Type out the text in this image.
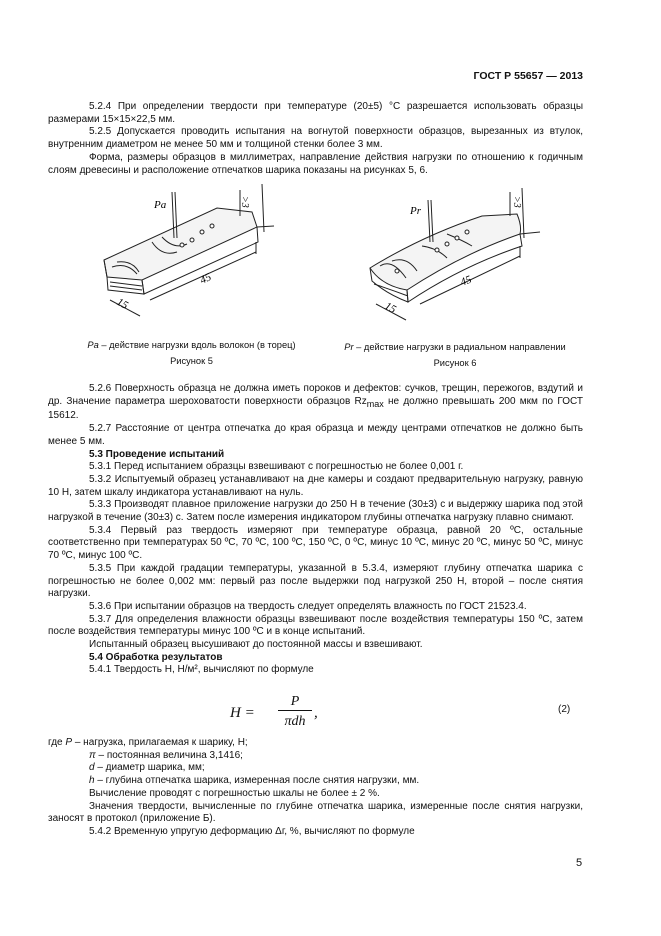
ГОСТ Р 55657 — 2013

5.2.4 При определении твердости при температуре (20±5) °С разрешается использовать образцы размерами 15×15×22,5 мм.

5.2.5 Допускается проводить испытания на вогнутой поверхности образцов, вырезанных из втулок, внутренним диаметром не менее 50 мм и толщиной стенки более 3 мм.

Форма, размеры образцов в миллиметрах, направление действия нагрузки по отношению к годичным слоям древесины и расположение отпечатков шарика показаны на рисунках 5, 6.

Pa
45
15
>3
Pa – действие нагрузки вдоль волокон (в торец)
Рисунок 5
Pr
45
15
>3
Pr – действие нагрузки в радиальном направлении
Рисунок 6

5.2.6 Поверхность образца не должна иметь пороков и дефектов: сучков, трещин, пережогов, вздутий и др. Значение параметра шероховатости поверхности образцов $Rz_{max}$ не должно превышать 200 мкм по ГОСТ 15612.

5.2.7 Расстояние от центра отпечатка до края образца и между центрами отпечатков не должно быть менее 5 мм.

5.3 Проведение испытаний

5.3.1 Перед испытанием образцы взвешивают с погрешностью не более 0,001 г.

5.3.2 Испытуемый образец устанавливают на дне камеры и создают предварительную нагрузку, равную 10 Н, затем шкалу индикатора устанавливают на нуль.

5.3.3 Производят плавное приложение нагрузки до 250 Н в течение (30±3) с и выдержку шарика под этой нагрузкой в течение (30±3) с. Затем после измерения индикатором глубины отпечатка нагрузку плавно снимают.

5.3.4 Первый раз твердость измеряют при температуре образца, равной 20 ºС, остальные соответственно при температурах 50 ºС, 70 ºС, 100 ºС, 150 ºС, 0 ºС, минус 10 ºС, минус 20 ºС, минус 50 ºС, минус 70 ºС, минус 100 ºС.

5.3.5 При каждой градации температуры, указанной в 5.3.4, измеряют глубину отпечатка шарика с погрешностью не более 0,002 мм: первый раз после выдержки под нагрузкой 250 Н, второй – после снятия нагрузки.

5.3.6 При испытании образцов на твердость следует определять влажность по ГОСТ 21523.4.

5.3.7 Для определения влажности образцы взвешивают после воздействия температуры 150 ºС, затем после воздействия температуры минус 100 ºС и в конце испытаний.

Испытанный образец высушивают до постоянной массы и взвешивают.

5.4 Обработка результатов

5.4.1 Твердость Н, Н/м², вычисляют по формуле

H =
P
πdh
,	(2)

где P – нагрузка, прилагаемая к шарику, Н;

π – постоянная величина 3,1416;

d – диаметр шарика, мм;

h – глубина отпечатка шарика, измеренная после снятия нагрузки, мм.

Вычисление проводят с погрешностью шкалы не более ± 2 %.

Значения твердости, вычисленные по глубине отпечатка шарика, измеренные после снятия нагрузки, заносят в протокол (приложение Б).

5.4.2 Временную упругую деформацию Δг, %, вычисляют по формуле

5
